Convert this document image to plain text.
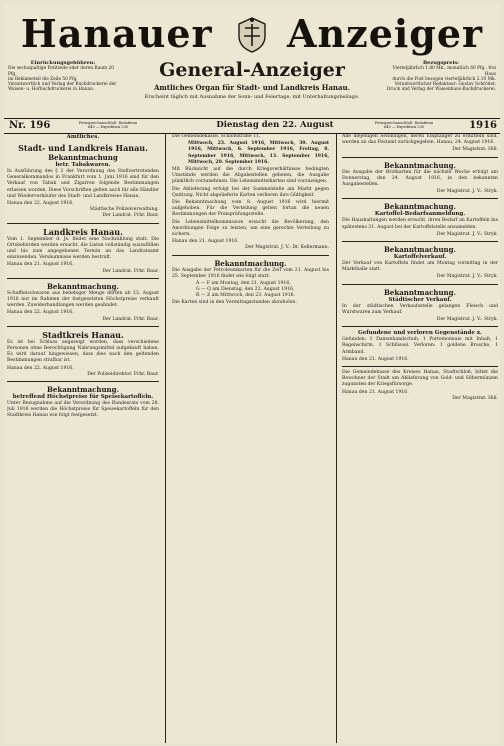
Hanauer Anzeiger
Einrückungsgebühren:
Die sechsspaltige Petitzeile oder deren Raum 20 Pfg.
im Reklameteil die Zeile 50 Pfg.
Verantwortlich und Verlag der Buchdruckerei der
Waisen- u. Hofbuchdruckerei in Hanau.
General-Anzeiger
Amtliches Organ für Stadt- und Landkreis Hanau.
Erscheint täglich mit Ausnahme der Sonn- und Feiertage, mit Unterhaltungsbeilage.
Bezugspreis:
Vierteljährlich 1.80 Mk., monatlich 60 Pfg., frei Haus
durch die Post bezogen vierteljährlich 2.10 Mk.
Verantwortlicher Redakteur: Gustav Schröder,
Druck und Verlag der Waisenhaus-Buchdruckerei.
Nr. 196	Fernsprechanschluß: Redaktion 649 — Expedition 230	Dienstag den 22. August	Fernsprechanschluß: Redaktion 649 — Expedition 230	1916
Amtliches.
Stadt- und Landkreis Hanau.
Bekanntmachung
betr. Tabakwaren.

In Ausführung des § 2 der Verordnung des Stellvertretenden Generalkommandos in Frankfurt vom 1. Juni 1916 sind für den Verkauf von Tabak und Zigarren folgende Bestimmungen erlassen worden. Diese Vorschriften gelten auch für alle Händler und Wiederverkäufer des Stadt- und Landkreises Hanau.

Hanau den 22. August 1916.
Städtische Polizeiverwaltung.
Der Landrat. Frhr. Baur.
Landkreis Hanau.

Vom 1. September d. Js. findet eine Nachzählung statt. Die Ortsbehörden werden ersucht, die Listen vollständig auszufüllen und bis zum angegebenen Termin an das Landratsamt einzusenden. Versäumnisse werden bestraft.

Hanau den 21. August 1916.
Der Landrat. Frhr. Baur.
Bekanntmachung.

Schaffleischwaren aus beliebiger Menge dürfen ab 23. August 1916 nur im Rahmen der festgesetzten Höchstpreise verkauft werden. Zuwiderhandlungen werden geahndet.

Hanau den 22. August 1916.
Der Landrat. Frhr. Baur.
Stadtkreis Hanau.

Es ist bei Schluss angezeigt worden, dass verschiedene Personen ohne Berechtigung Nahrungsmittel aufgekauft haben. Es wird darauf hingewiesen, dass dies nach den geltenden Bestimmungen strafbar ist.

Hanau den 22. August 1916.
Der Polizeidirektor. Frhr. Baur.
Bekanntmachung.
betreffend Höchstpreise für Speisekartoffeln.

Unter Bezugnahme auf die Verordnung des Bundesrats vom 28. Juli 1916 werden die Höchstpreise für Speisekartoffeln für den Stadtkreis Hanau wie folgt festgesetzt.

Die Gemeindekasse, Schloßstraße 11,

Mittwoch, 23. August 1916, Mittwoch, 30. August 1916, Mittwoch, 6. September 1916, Freitag, 8. September 1916, Mittwoch, 13. September 1916, Mittwoch, 20. September 1916.

Mit Rücksicht auf die durch Kriegsverhältnisse bedingten Umstände werden die Abgabestellen gebeten, die Ausgabe pünktlich vorzunehmen. Die Lebensmittelkarten sind vorzuzeigen.

Die Ablieferung erfolgt bei der Sammelstelle am Markt gegen Quittung. Nicht abgelieferte Karten verlieren ihre Gültigkeit.

Die Bekanntmachung vom 8. August 1916 wird hiermit aufgehoben. Für die Verteilung gelten fortan die neuen Bestimmungen der Preisprüfungsstelle.

Die Lebensmittelkommission ersucht die Bevölkerung, den Anordnungen Folge zu leisten, um eine gerechte Verteilung zu sichern.

Hanau den 21. August 1916.
Der Magistrat. J. V.: Dr. Kellermann.
Bekanntmachung.

Die Ausgabe der Petroleumkarten für die Zeit vom 21. August bis 25. September 1916 findet wie folgt statt:

A — F am Montag, den 21. August 1916,
G — Q am Dienstag, den 22. August 1916,
R — Z am Mittwoch, den 23. August 1916.

Die Karten sind in den Vormittagsstunden abzuholen.

Alle diejenigen Sendungen, deren Empfänger zu ermitteln sind, werden an das Postamt zurückgegeben. Hanau, 24. August 1916.

Der Magistrat: Hill.
Bekanntmachung.

Die Ausgabe der Brotkarten für die nächste Woche erfolgt am Donnerstag, den 24. August 1916, in den bekannten Ausgabestellen.

Der Magistrat. J. V.: Stryk.
Bekanntmachung.
Kartoffel-Bedarfsanmeldung.

Die Haushaltungen werden ersucht, ihren Bedarf an Kartoffeln bis spätestens 31. August bei der Kartoffelstelle anzumelden.

Der Magistrat. J. V.: Stryk.
Bekanntmachung.
Kartoffelverkauf.

Der Verkauf von Kartoffeln findet am Montag vormittag in der Markthalle statt.

Der Magistrat. J. V.: Stryk.
Bekanntmachung.
Städtischer Verkauf.

In der städtischen Verkaufsstelle gelangen Fleisch und Wurstwaren zum Verkauf.

Der Magistrat. J. V.: Stryk.
Gefundene und verloren Gegenstände x.

Gefunden: 1 Damenhandschuh, 1 Portemonnaie mit Inhalt, 1 Regenschirm, 1 Schlüssel. Verloren: 1 goldene Brosche, 1 Armband.

Hanau den 21. August 1916.

Die Gemeindekasse des Kreises Hanau, Stadtschloß, bittet die Bewohner der Stadt um Ablieferung von Gold- und Silbermünzen zugunsten der Kriegsfürsorge.

Hanau den 21. August 1916.
Der Magistrat: Hill.
